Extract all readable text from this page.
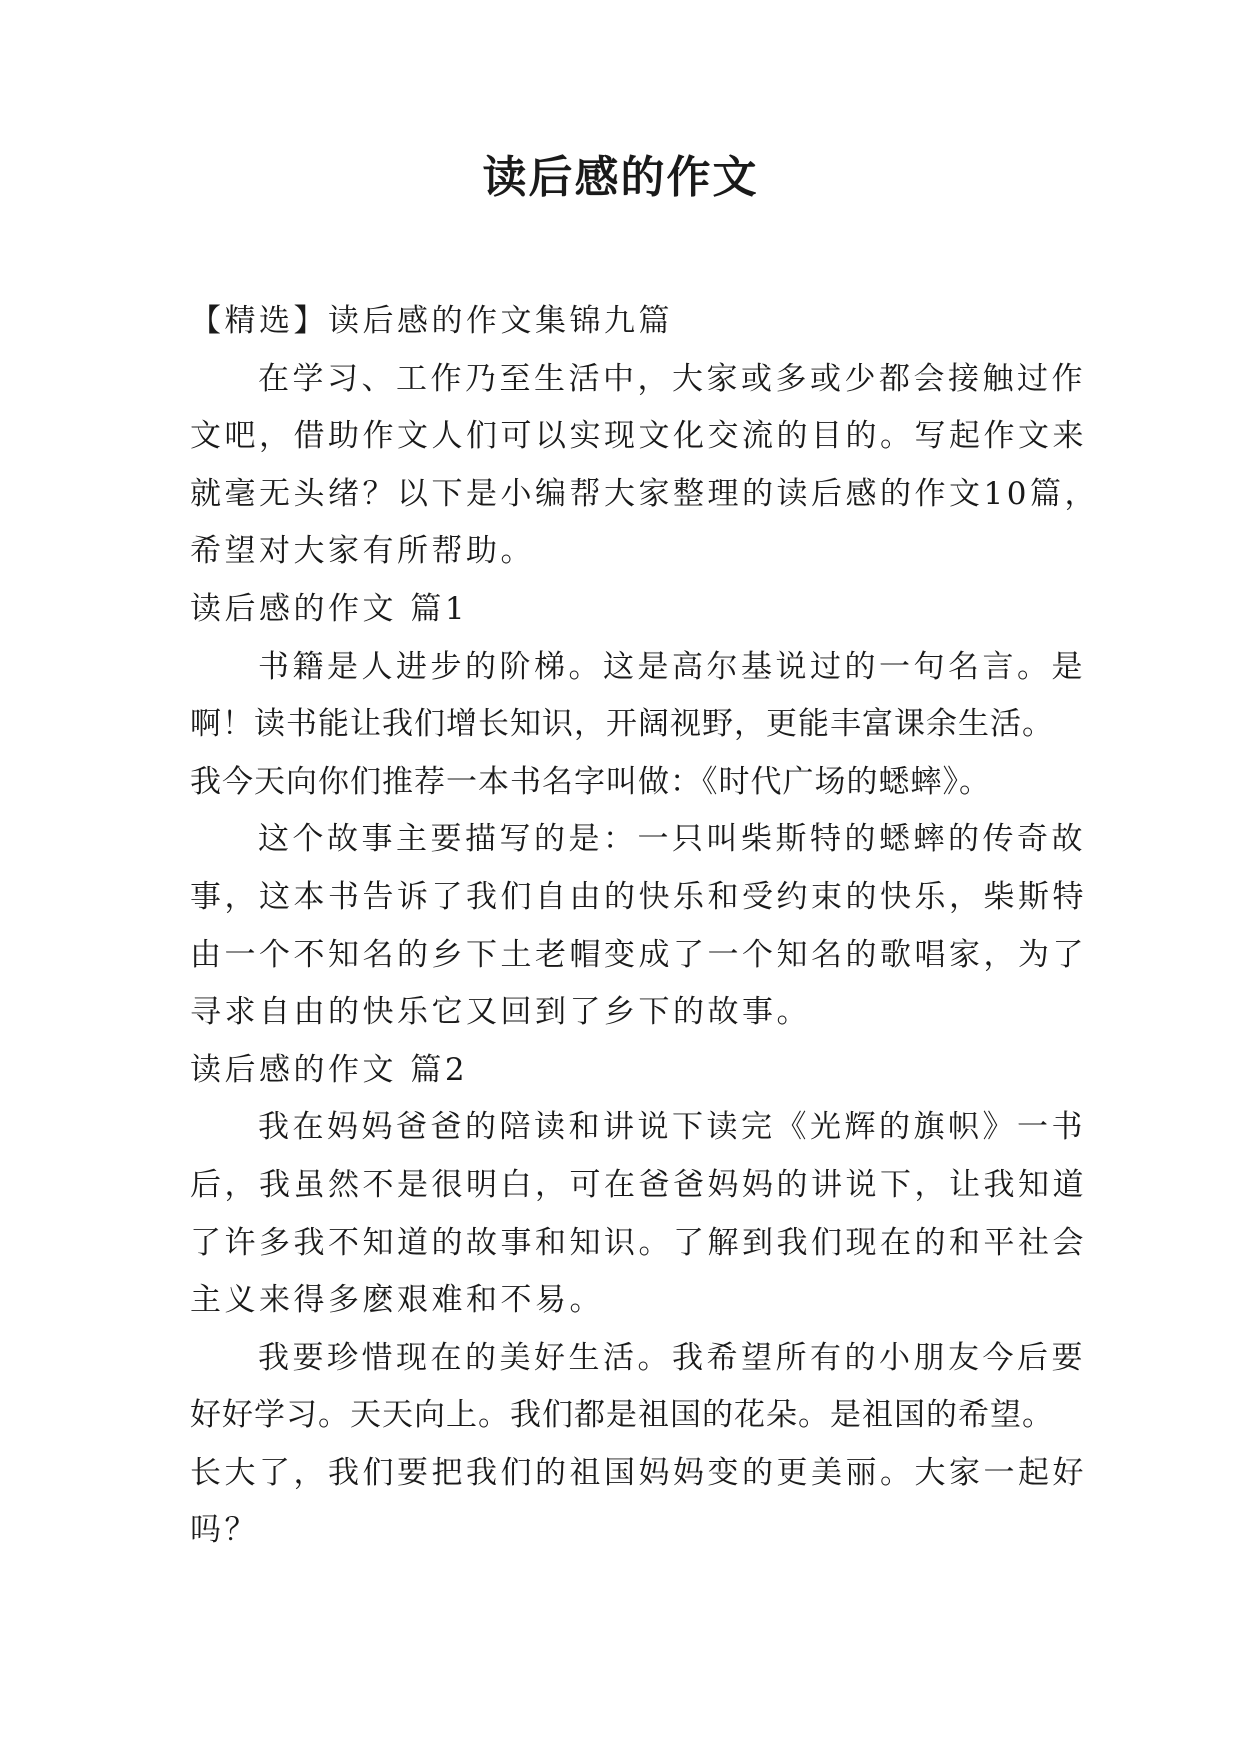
读后感的作文
【精选】读后感的作文集锦九篇
在学习、工作乃至生活中，大家或多或少都会接触过作
文吧，借助作文人们可以实现文化交流的目的。写起作文来
就毫无头绪？以下是小编帮大家整理的读后感的作文10篇，
希望对大家有所帮助。
读后感的作文 篇1
书籍是人进步的阶梯。这是高尔基说过的一句名言。是
啊！读书能让我们增长知识，开阔视野，更能丰富课余生活。
我今天向你们推荐一本书名字叫做：《时代广场的蟋蟀》。
这个故事主要描写的是：一只叫柴斯特的蟋蟀的传奇故
事，这本书告诉了我们自由的快乐和受约束的快乐，柴斯特
由一个不知名的乡下土老帽变成了一个知名的歌唱家，为了
寻求自由的快乐它又回到了乡下的故事。
读后感的作文 篇2
我在妈妈爸爸的陪读和讲说下读完《光辉的旗帜》一书
后，我虽然不是很明白，可在爸爸妈妈的讲说下，让我知道
了许多我不知道的故事和知识。了解到我们现在的和平社会
主义来得多麽艰难和不易。
我要珍惜现在的美好生活。我希望所有的小朋友今后要
好好学习。天天向上。我们都是祖国的花朵。是祖国的希望。
长大了，我们要把我们的祖国妈妈变的更美丽。大家一起好
吗？
